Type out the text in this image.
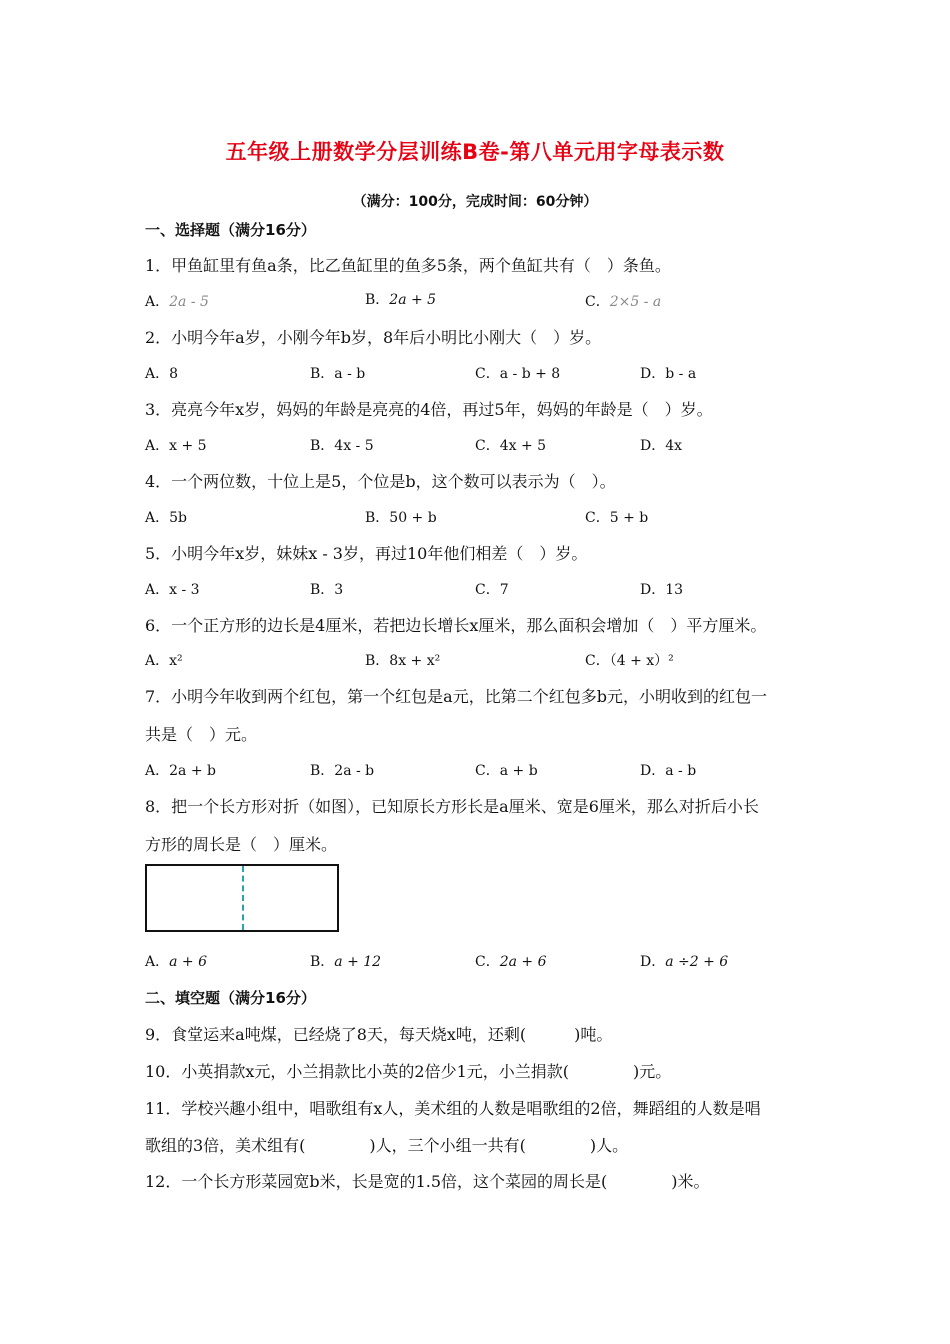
五年级上册数学分层训练B卷-第八单元用字母表示数
（满分：100分，完成时间：60分钟）
一、选择题（满分16分）
1．甲鱼缸里有鱼a条，比乙鱼缸里的鱼多5条，两个鱼缸共有（　）条鱼。
A．2a - 5	B．2a + 5	C．2×5 - a
2．小明今年a岁，小刚今年b岁，8年后小明比小刚大（　）岁。
A．8	B．a - b	C．a - b + 8	D．b - a
3．亮亮今年x岁，妈妈的年龄是亮亮的4倍，再过5年，妈妈的年龄是（　）岁。
A．x + 5	B．4x - 5	C．4x + 5	D．4x
4．一个两位数，十位上是5，个位是b，这个数可以表示为（　）。
A．5b	B．50 + b	C．5 + b
5．小明今年x岁，妹妹x - 3岁，再过10年他们相差（　）岁。
A．x - 3	B．3	C．7	D．13
6．一个正方形的边长是4厘米，若把边长增长x厘米，那么面积会增加（　）平方厘米。
A．x²	B．8x + x²	C．（4 + x）²
7．小明今年收到两个红包，第一个红包是a元，比第二个红包多b元，小明收到的红包一
共是（　）元。
A．2a + b	B．2a - b	C．a + b	D．a - b
8．把一个长方形对折（如图），已知原长方形长是a厘米、宽是6厘米，那么对折后小长
方形的周长是（　）厘米。
A．a + 6	B．a + 12	C．2a + 6	D．a ÷2 + 6
二、填空题（满分16分）
9．食堂运来a吨煤，已经烧了8天，每天烧x吨，还剩(　　　)吨。
10．小英捐款x元，小兰捐款比小英的2倍少1元，小兰捐款(　　　　)元。
11．学校兴趣小组中，唱歌组有x人，美术组的人数是唱歌组的2倍，舞蹈组的人数是唱
歌组的3倍，美术组有(　　　　)人，三个小组一共有(　　　　)人。
12．一个长方形菜园宽b米，长是宽的1.5倍，这个菜园的周长是(　　　　)米。
